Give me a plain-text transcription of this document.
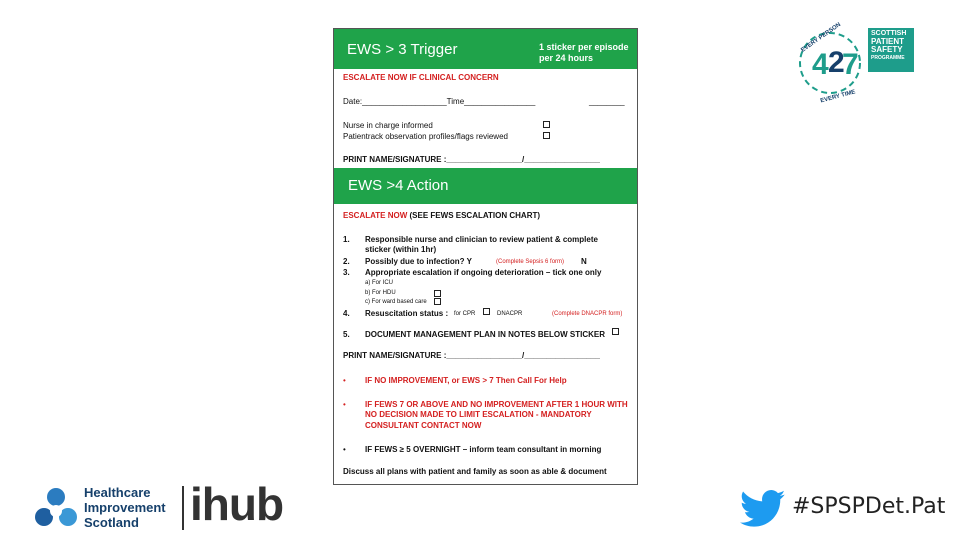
EWS > 3 Trigger	1 sticker per episode
per 24 hours
ESCALATE NOW IF CLINICAL CONCERN
Date:___________________Time________________	________
Nurse in charge informed
Patientrack observation profiles/flags reviewed
PRINT NAME/SIGNATURE :_________________/_________________
EWS >4 Action
ESCALATE NOW (SEE FEWS ESCALATION CHART)
1. Responsible nurse and clinician to review patient & complete
sticker (within 1hr)
2. Possibly due to infection? Y	(Complete Sepsis 6 form) N
3. Appropriate escalation if ongoing deterioration – tick one only
a) For ICU
b) For HDU
c) For ward based care
4. Resuscitation status : for CPR	DNACPR	(Complete DNACPR form)
5. DOCUMENT MANAGEMENT PLAN IN NOTES BELOW STICKER
PRINT NAME/SIGNATURE :_________________/_________________
• IF NO IMPROVEMENT, or EWS > 7 Then Call For Help
• IF FEWS 7 OR ABOVE AND NO IMPROVEMENT AFTER 1 HOUR WITH
NO DECISION MADE TO LIMIT ESCALATION - MANDATORY
CONSULTANT CONTACT NOW
• IF FEWS ≥ 5 OVERNIGHT – inform team consultant in morning
Discuss all plans with patient and family as soon as able & document
4 2
7
EVERY PERSON
EVERY TIME
SCOTTISH
PATIENT
SAFETY
PROGRAMME
Healthcare
Improvement
Scotland	ihub	#SPSPDet.Pat
